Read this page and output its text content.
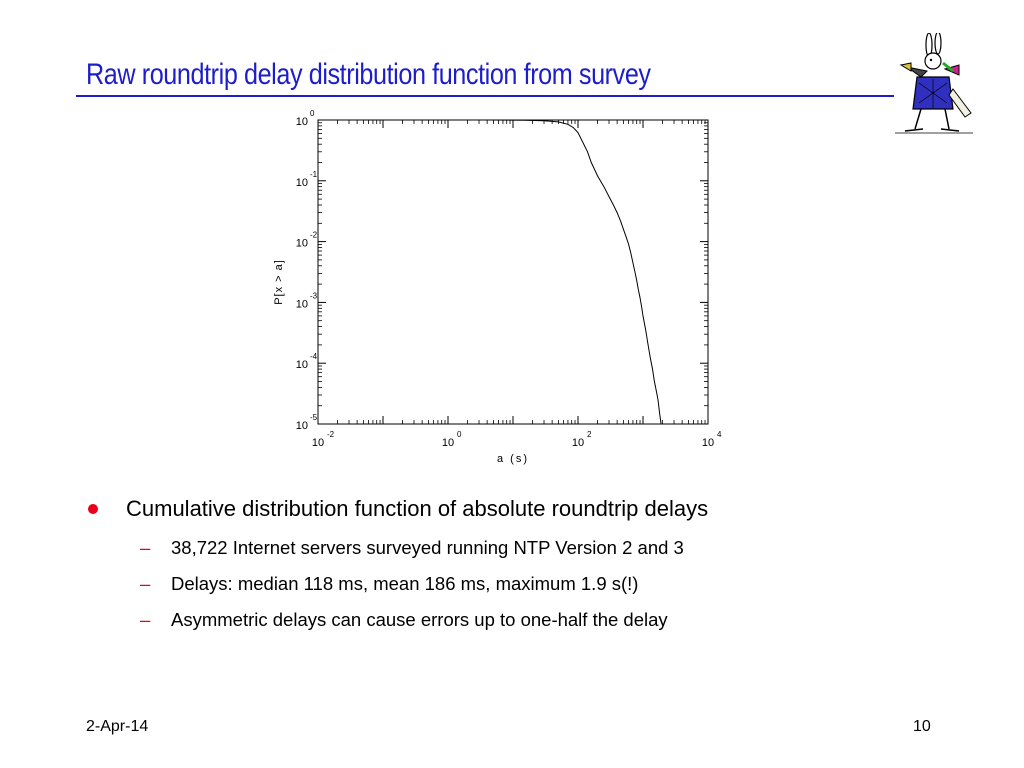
Raw roundtrip delay distribution function from survey
10
-2
10
0
10
2
10
4
10
0
10
-1
10
-2
10
-3
10
-4
10
-5
a (s)
P[x > a]
Cumulative distribution function of absolute roundtrip delays
– 38,722 Internet servers surveyed running NTP Version 2 and 3
– Delays: median 118 ms, mean 186 ms, maximum 1.9 s(!)
– Asymmetric delays can cause errors up to one-half the delay
2-Apr-14	10
